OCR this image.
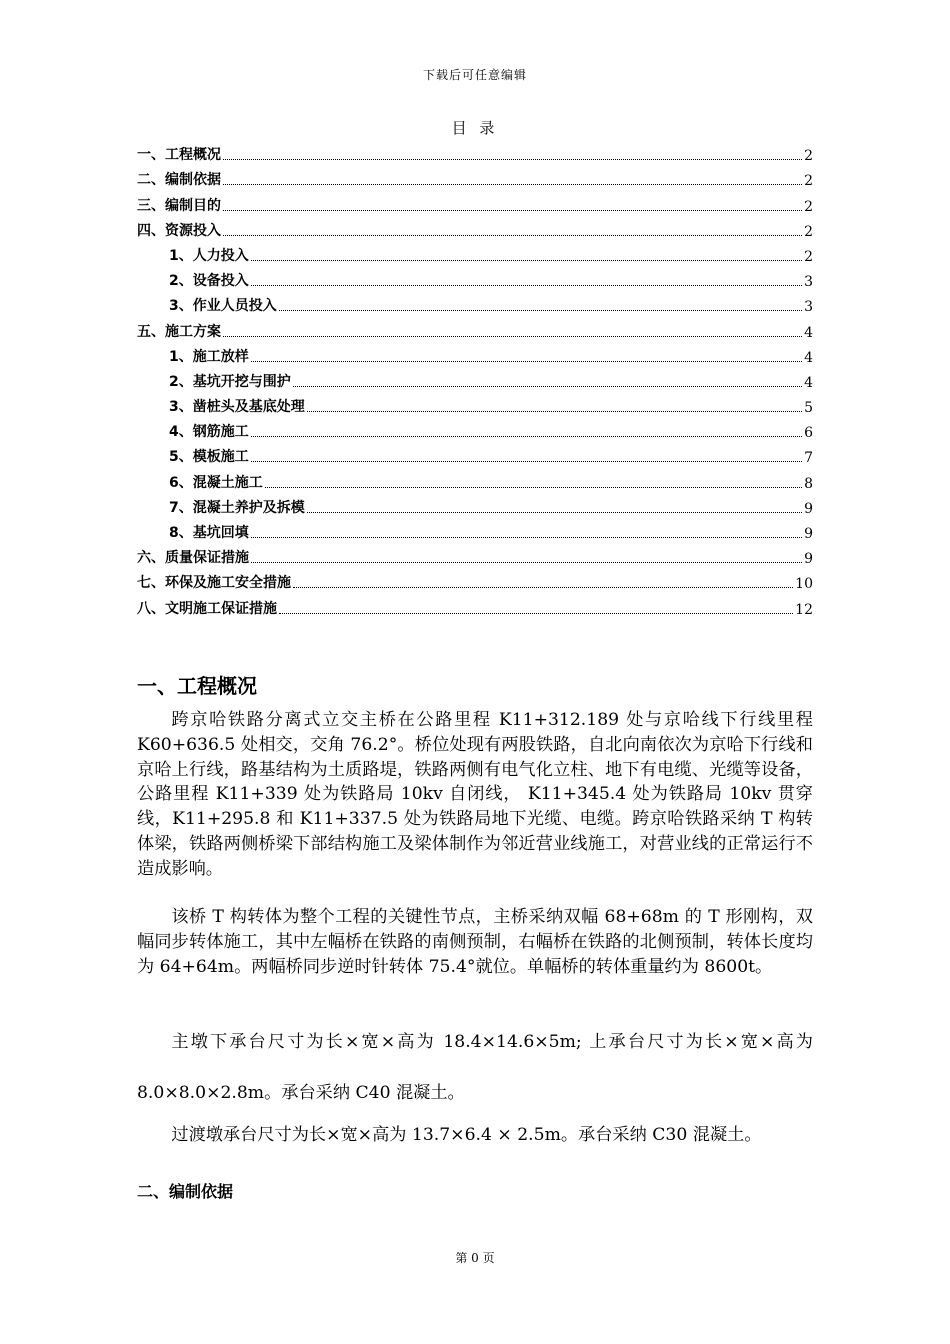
下载后可任意编辑
目 录
一、工程概况	2
二、编制依据	2
三、编制目的	2
四、资源投入	2
1、人力投入	2
2、设备投入	3
3、作业人员投入	3
五、施工方案	4
1、施工放样	4
2、基坑开挖与围护	4
3、凿桩头及基底处理	5
4、钢筋施工	6
5、模板施工	7
6、混凝土施工	8
7、混凝土养护及拆模	9
8、基坑回填	9
六、质量保证措施	9
七、环保及施工安全措施	10
八、文明施工保证措施	12
一、工程概况

跨京哈铁路分离式立交主桥在公路里程 K11+312.189 处与京哈线下行线里程 K60+636.5 处相交，交角 76.2°。桥位处现有两股铁路，自北向南依次为京哈下行线和京哈上行线，路基结构为土质路堤，铁路两侧有电气化立柱、地下有电缆、光缆等设备，公路里程 K11+339 处为铁路局 10kv 自闭线， K11+345.4 处为铁路局 10kv 贯穿线，K11+295.8 和 K11+337.5 处为铁路局地下光缆、电缆。跨京哈铁路采纳 T 构转体梁，铁路两侧桥梁下部结构施工及梁体制作为邻近营业线施工，对营业线的正常运行不造成影响。

该桥 T 构转体为整个工程的关键性节点，主桥采纳双幅 68+68m 的 T 形刚构，双幅同步转体施工，其中左幅桥在铁路的南侧预制，右幅桥在铁路的北侧预制，转体长度均为 64+64m。两幅桥同步逆时针转体 75.4°就位。单幅桥的转体重量约为 8600t。

主墩下承台尺寸为长×宽×高为 18.4×14.6×5m; 上承台尺寸为长×宽×高为 8.0×8.0×2.8m。承台采纳 C40 混凝土。

过渡墩承台尺寸为长×宽×高为 13.7×6.4 × 2.5m。承台采纳 C30 混凝土。

二、编制依据
第 0 页
